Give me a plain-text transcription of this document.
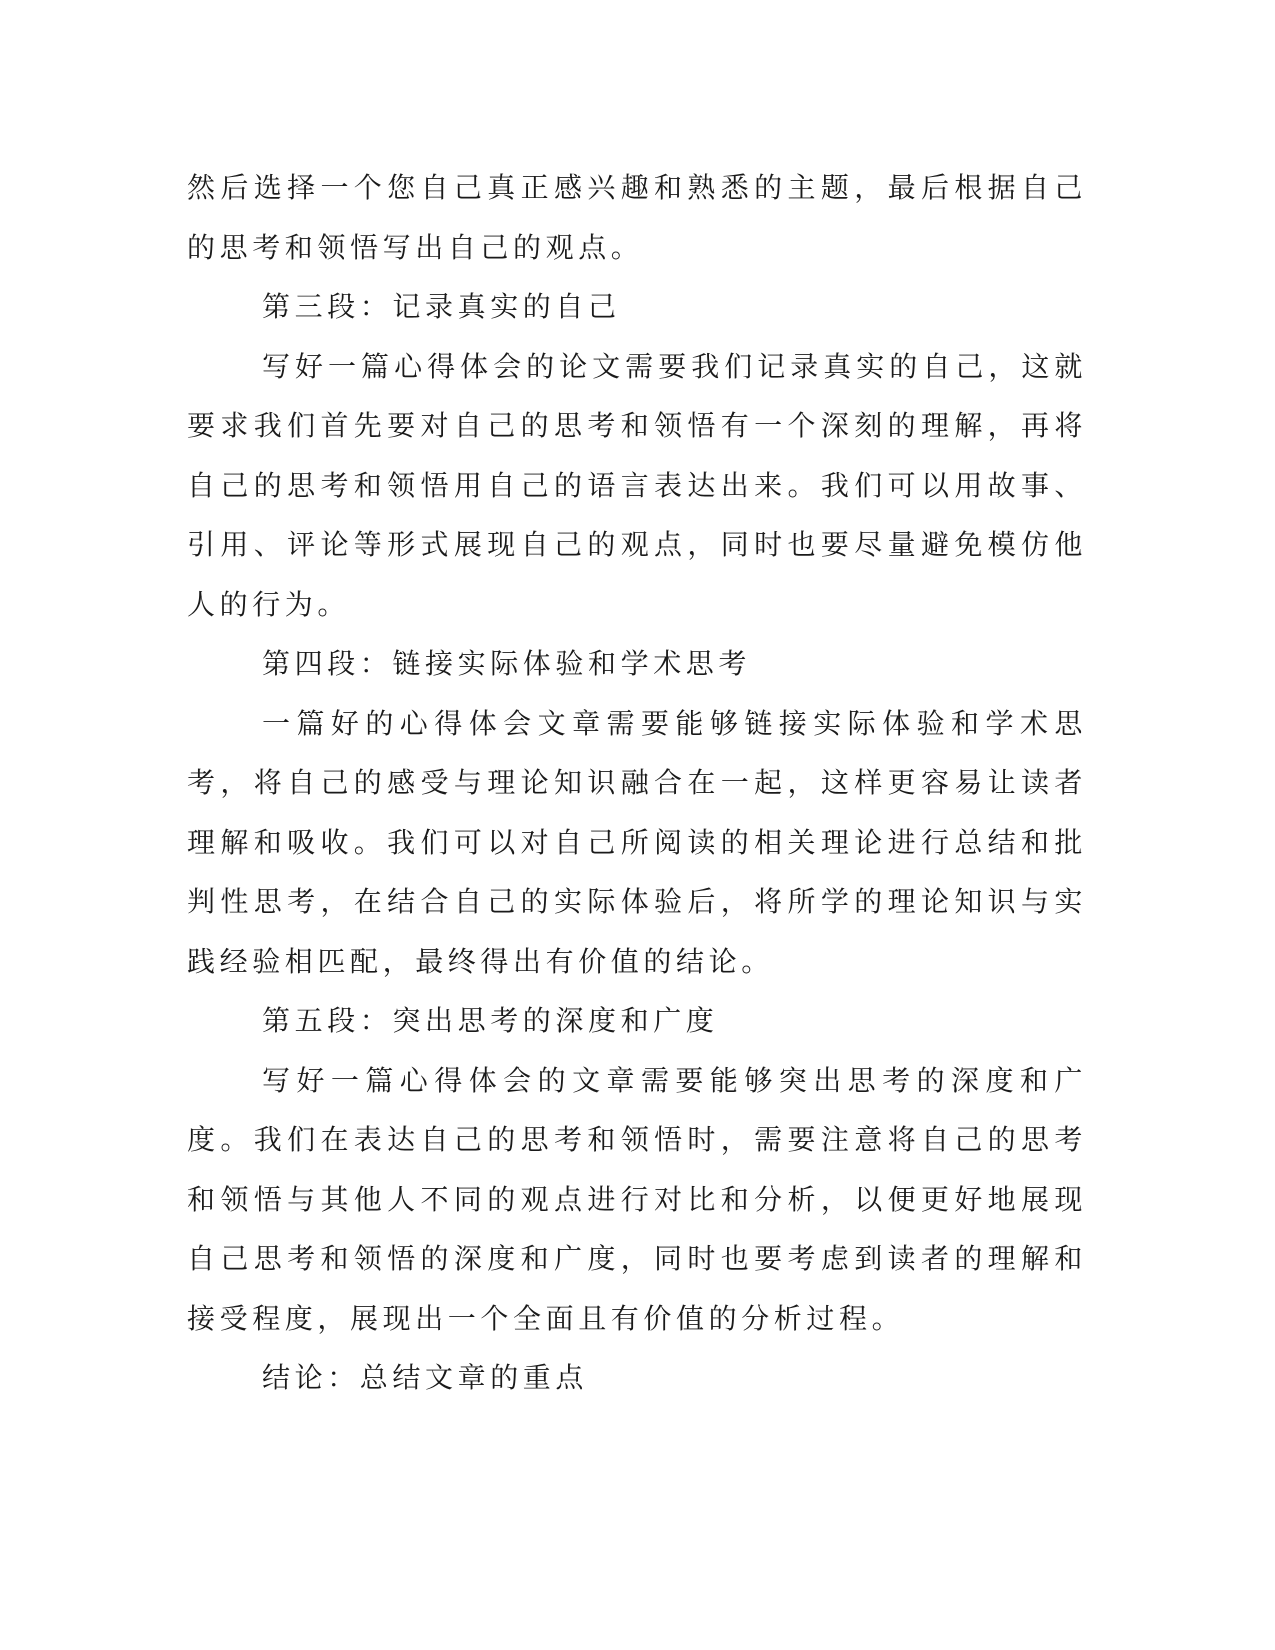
然后选择一个您自己真正感兴趣和熟悉的主题，最后根据自己的思考和领悟写出自己的观点。

第三段：记录真实的自己

写好一篇心得体会的论文需要我们记录真实的自己，这就要求我们首先要对自己的思考和领悟有一个深刻的理解，再将自己的思考和领悟用自己的语言表达出来。我们可以用故事、引用、评论等形式展现自己的观点，同时也要尽量避免模仿他人的行为。

第四段：链接实际体验和学术思考

一篇好的心得体会文章需要能够链接实际体验和学术思考，将自己的感受与理论知识融合在一起，这样更容易让读者理解和吸收。我们可以对自己所阅读的相关理论进行总结和批判性思考，在结合自己的实际体验后，将所学的理论知识与实践经验相匹配，最终得出有价值的结论。

第五段：突出思考的深度和广度

写好一篇心得体会的文章需要能够突出思考的深度和广度。我们在表达自己的思考和领悟时，需要注意将自己的思考和领悟与其他人不同的观点进行对比和分析，以便更好地展现自己思考和领悟的深度和广度，同时也要考虑到读者的理解和接受程度，展现出一个全面且有价值的分析过程。

结论：总结文章的重点
